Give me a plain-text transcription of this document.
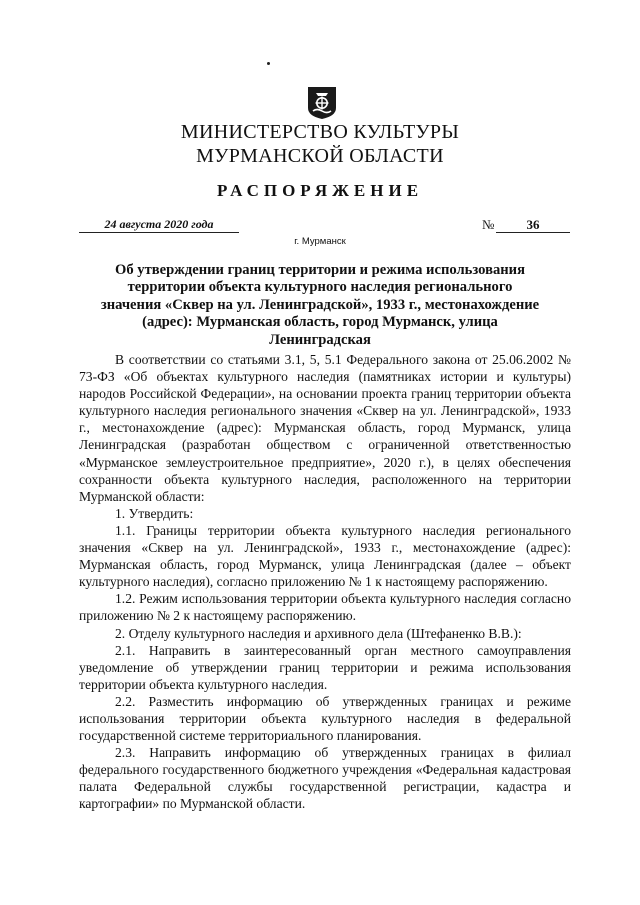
МИНИСТЕРСТВО КУЛЬТУРЫ
МУРМАНСКОЙ ОБЛАСТИ
РАСПОРЯЖЕНИЕ
24 августа 2020 года	№	36
г. Мурманск
Об утверждении границ территории и режима использования территории объекта культурного наследия регионального значения «Сквер на ул. Ленинградской», 1933 г., местонахождение (адрес): Мурманская область, город Мурманск, улица Ленинградская

В соответствии со статьями 3.1, 5, 5.1 Федерального закона от 25.06.2002 № 73-ФЗ «Об объектах культурного наследия (памятниках истории и культуры) народов Российской Федерации», на основании проекта границ территории объекта культурного наследия регионального значения «Сквер на ул. Ленинградской», 1933 г., местонахождение (адрес): Мурманская область, город Мурманск, улица Ленинградская (разработан обществом с ограниченной ответственностью «Мурманское землеустроительное предприятие», 2020 г.), в целях обеспечения сохранности объекта культурного наследия, расположенного на территории Мурманской области:

1. Утвердить:

1.1. Границы территории объекта культурного наследия регионального значения «Сквер на ул. Ленинградской», 1933 г., местонахождение (адрес): Мурманская область, город Мурманск, улица Ленинградская (далее – объект культурного наследия), согласно приложению № 1 к настоящему распоряжению.

1.2. Режим использования территории объекта культурного наследия согласно приложению № 2 к настоящему распоряжению.

2. Отделу культурного наследия и архивного дела (Штефаненко В.В.):

2.1. Направить в заинтересованный орган местного самоуправления уведомление об утверждении границ территории и режима использования территории объекта культурного наследия.

2.2. Разместить информацию об утвержденных границах и режиме использования территории объекта культурного наследия в федеральной государственной системе территориального планирования.

2.3. Направить информацию об утвержденных границах в филиал федерального государственного бюджетного учреждения «Федеральная кадастровая палата Федеральной службы государственной регистрации, кадастра и картографии» по Мурманской области.
